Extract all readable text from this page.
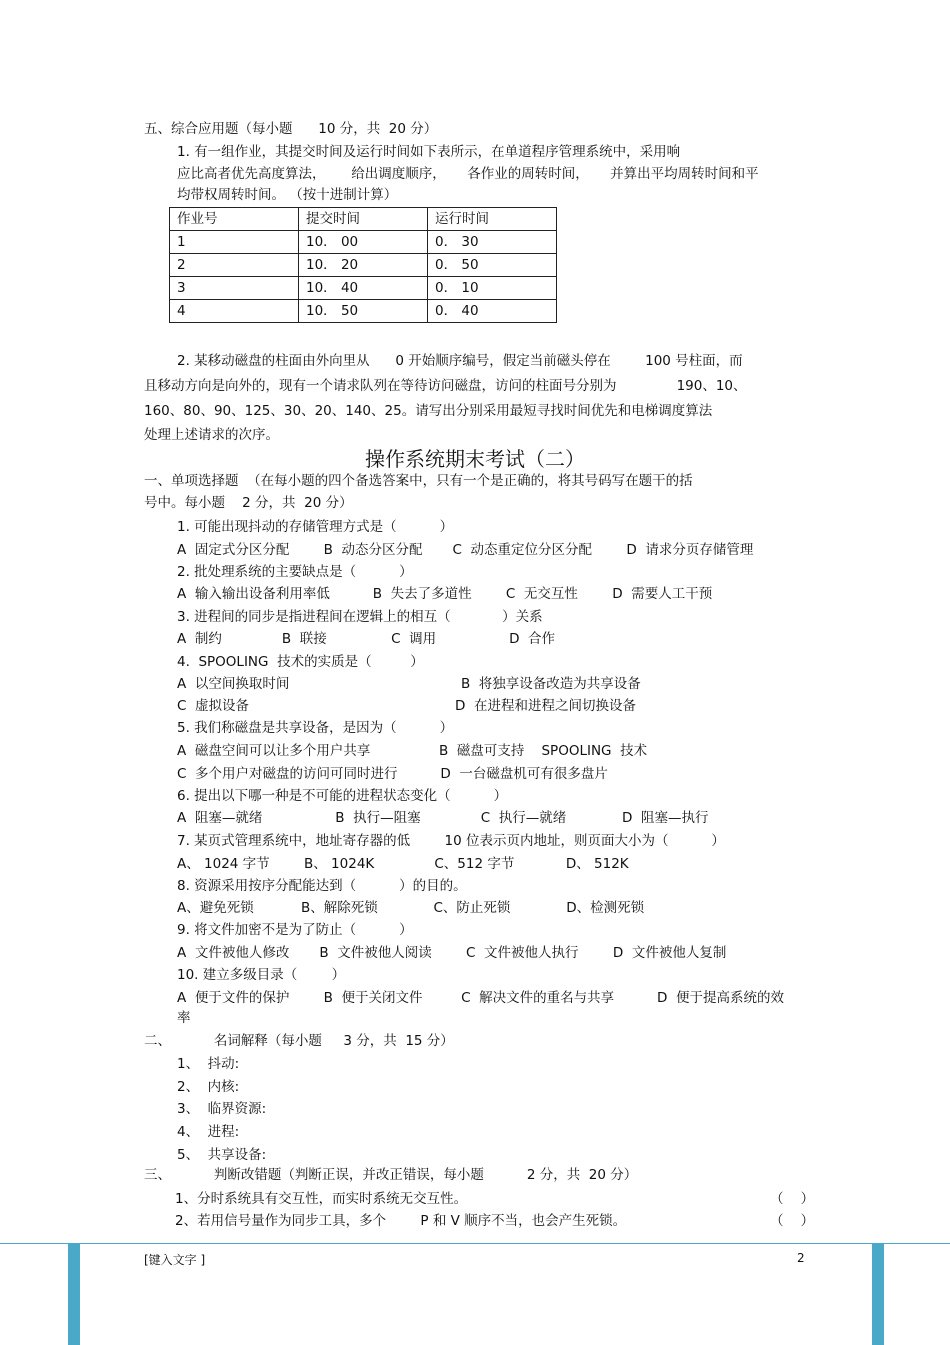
五、综合应用题（每小题      10 分，共  20 分）
1. 有一组作业，其提交时间及运行时间如下表所示，在单道程序管理系统中，采用响
应比高者优先高度算法，      给出调度顺序，     各作业的周转时间，     并算出平均周转时间和平
均带权周转时间。 （按十进制计算）
作业号	提交时间	运行时间
1	10． 00	0． 30
2	10． 20	0． 50
3	10． 40	0． 10
4	10． 50	0． 40
2. 某移动磁盘的柱面由外向里从      0 开始顺序编号，假定当前磁头停在        100 号柱面，而
且移动方向是向外的，现有一个请求队列在等待访问磁盘，访问的柱面号分别为              190、10、
160、80、90、125、30、20、140、25。请写出分别采用最短寻找时间优先和电梯调度算法
处理上述请求的次序。
操作系统期末考试（二）
一、单项选择题  （在每小题的四个备选答案中，只有一个是正确的，将其号码写在题干的括
号中。每小题    2 分，共  20 分）
1. 可能出现抖动的存储管理方式是（          ）
A  固定式分区分配        B  动态分区分配       C  动态重定位分区分配        D  请求分页存储管理
2. 批处理系统的主要缺点是（          ）
A  输入输出设备利用率低          B  失去了多道性        C  无交互性        D  需要人工干预
3. 进程间的同步是指进程间在逻辑上的相互（            ）关系
A  制约              B  联接               C  调用                 D  合作
4.  SPOOLING  技术的实质是（         ）
A  以空间换取时间                                        B  将独享设备改造为共享设备
C  虚拟设备                                                D  在进程和进程之间切换设备
5. 我们称磁盘是共享设备，是因为（          ）
A  磁盘空间可以让多个用户共享                B  磁盘可支持    SPOOLING  技术
C  多个用户对磁盘的访问可同时进行          D  一台磁盘机可有很多盘片
6. 提出以下哪一种是不可能的进程状态变化（          ）
A  阻塞—就绪                 B  执行—阻塞              C  执行—就绪             D  阻塞—执行
7. 某页式管理系统中，地址寄存器的低        10 位表示页内地址，则页面大小为（          ）
A、 1024 字节        B、 1024K              C、512 字节            D、 512K
8. 资源采用按序分配能达到（          ）的目的。
A、避免死锁           B、解除死锁             C、防止死锁             D、检测死锁
9. 将文件加密不是为了防止（          ）
A  文件被他人修改       B  文件被他人阅读        C  文件被他人执行        D  文件被他人复制
10. 建立多级目录（        ）
A  便于文件的保护        B  便于关闭文件         C  解决文件的重名与共享          D  便于提高系统的效
率
二、          名词解释（每小题     3 分，共  15 分）
1、  抖动:
2、  内核:
3、  临界资源:
4、  进程:
5、  共享设备:
三、          判断改错题（判断正误，并改正错误，每小题          2 分，共  20 分）
1、分时系统具有交互性，而实时系统无交互性。	（    ）
2、若用信号量作为同步工具，多个        P 和 V 顺序不当，也会产生死锁。	（    ）
[键入文字 ]	2
